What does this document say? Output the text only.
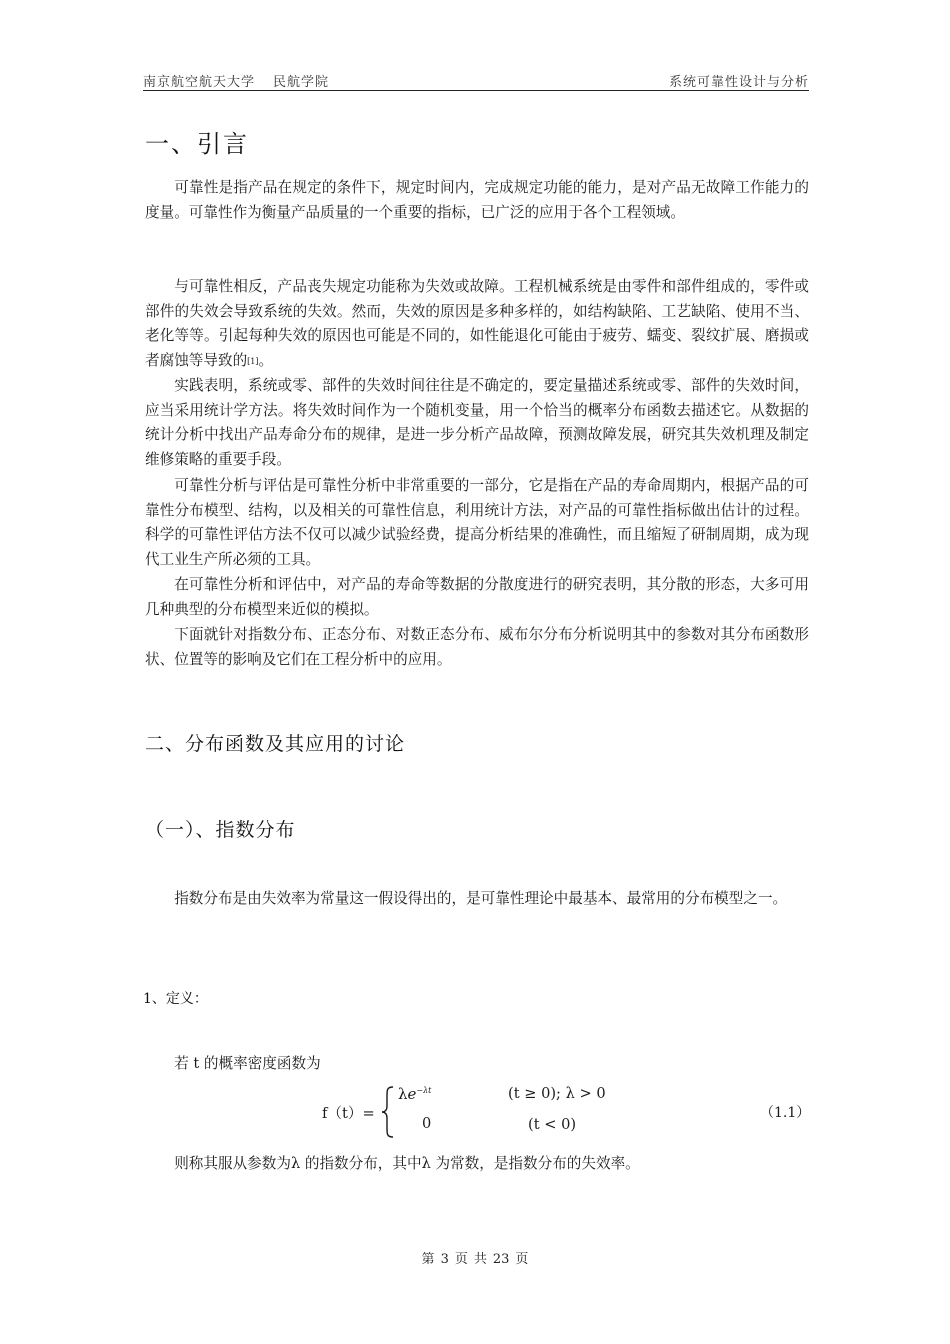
南京航空航天大学 民航学院	系统可靠性设计与分析
一、引言
可靠性是指产品在规定的条件下，规定时间内，完成规定功能的能力，是对产品无故障工作能力的度量。可靠性作为衡量产品质量的一个重要的指标，已广泛的应用于各个工程领域。
与可靠性相反，产品丧失规定功能称为失效或故障。工程机械系统是由零件和部件组成的，零件或部件的失效会导致系统的失效。然而，失效的原因是多种多样的，如结构缺陷、工艺缺陷、使用不当、老化等等。引起每种失效的原因也可能是不同的，如性能退化可能由于疲劳、蠕变、裂纹扩展、磨损或者腐蚀等导致的[1]。
实践表明，系统或零、部件的失效时间往往是不确定的，要定量描述系统或零、部件的失效时间，应当采用统计学方法。将失效时间作为一个随机变量，用一个恰当的概率分布函数去描述它。从数据的统计分析中找出产品寿命分布的规律，是进一步分析产品故障，预测故障发展，研究其失效机理及制定维修策略的重要手段。
可靠性分析与评估是可靠性分析中非常重要的一部分，它是指在产品的寿命周期内，根据产品的可靠性分布模型、结构，以及相关的可靠性信息，利用统计方法，对产品的可靠性指标做出估计的过程。科学的可靠性评估方法不仅可以减少试验经费，提高分析结果的准确性，而且缩短了研制周期，成为现代工业生产所必须的工具。
在可靠性分析和评估中，对产品的寿命等数据的分散度进行的研究表明，其分散的形态，大多可用几种典型的分布模型来近似的模拟。
下面就针对指数分布、正态分布、对数正态分布、威布尔分布分析说明其中的参数对其分布函数形状、位置等的影响及它们在工程分析中的应用。
二、分布函数及其应用的讨论
（一）、指数分布
指数分布是由失效率为常量这一假设得出的，是可靠性理论中最基本、最常用的分布模型之一。
1、定义：
若 t 的概率密度函数为
f（t）=
$\lambda e^{-\lambda t}$	(t ≥ 0); λ > 0
0	(t < 0)
（1.1）
则称其服从参数为λ 的指数分布，其中λ 为常数，是指数分布的失效率。
第 3 页 共 23 页
